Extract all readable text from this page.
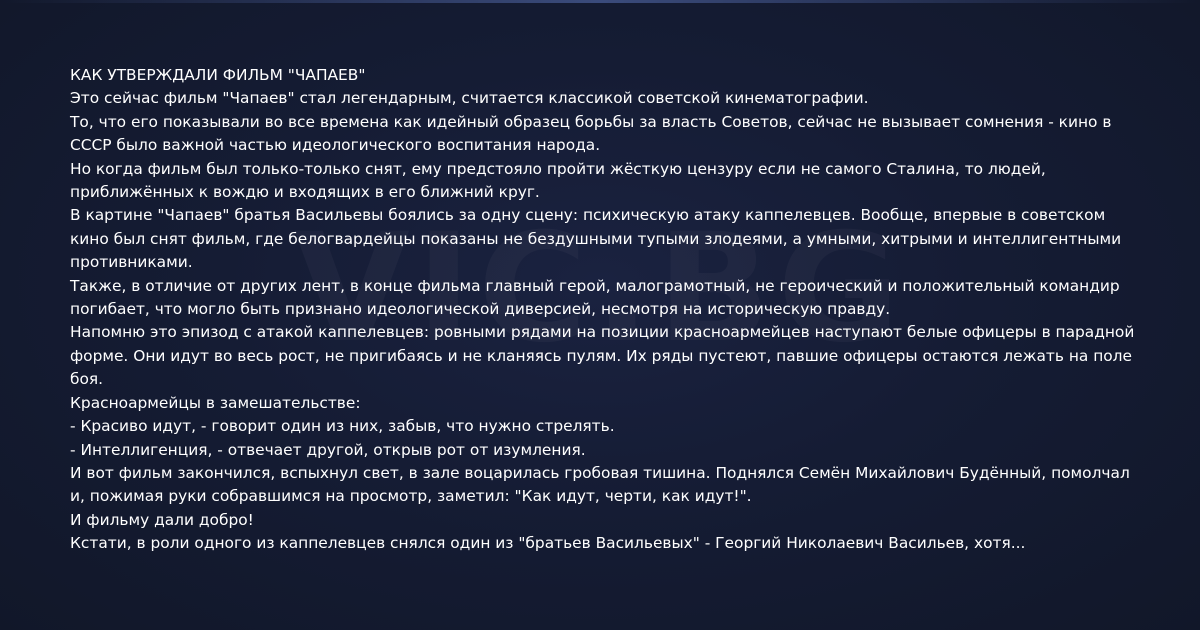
КАК УТВЕРЖДАЛИ ФИЛЬМ "ЧАПАЕВ"

Это сейчас фильм "Чапаев" стал легендарным, считается классикой советской кинематографии.

То, что его показывали во все времена как идейный образец борьбы за власть Советов, сейчас не вызывает сомнения - кино в СССР было важной частью идеологического воспитания народа.

Но когда фильм был только-только снят, ему предстояло пройти жёсткую цензуру если не самого Сталина, то людей, приближённых к вождю и входящих в его ближний круг.

В картине "Чапаев" братья Васильевы боялись за одну сцену: психическую атаку каппелевцев. Вообще, впервые в советском кино был снят фильм, где белогвардейцы показаны не бездушными тупыми злодеями, а умными, хитрыми и интеллигентными противниками.

Также, в отличие от других лент, в конце фильма главный герой, малограмотный, не героический и положительный командир погибает, что могло быть признано идеологической диверсией, несмотря на историческую правду.

Напомню это эпизод с атакой каппелевцев: ровными рядами на позиции красноармейцев наступают белые офицеры в парадной форме. Они идут во весь рост, не пригибаясь и не кланяясь пулям. Их ряды пустеют, павшие офицеры остаются лежать на поле боя.

Красноармейцы в замешательстве:

- Красиво идут, - говорит один из них, забыв, что нужно стрелять.

- Интеллигенция, - отвечает другой, открыв рот от изумления.

И вот фильм закончился, вспыхнул свет, в зале воцарилась гробовая тишина. Поднялся Семён Михайлович Будённый, помолчал и, пожимая руки собравшимся на просмотр, заметил: "Как идут, черти, как идут!".

И фильму дали добро!

Кстати, в роли одного из каппелевцев снялся один из "братьев Васильевых" - Георгий Николаевич Васильев, хотя...
